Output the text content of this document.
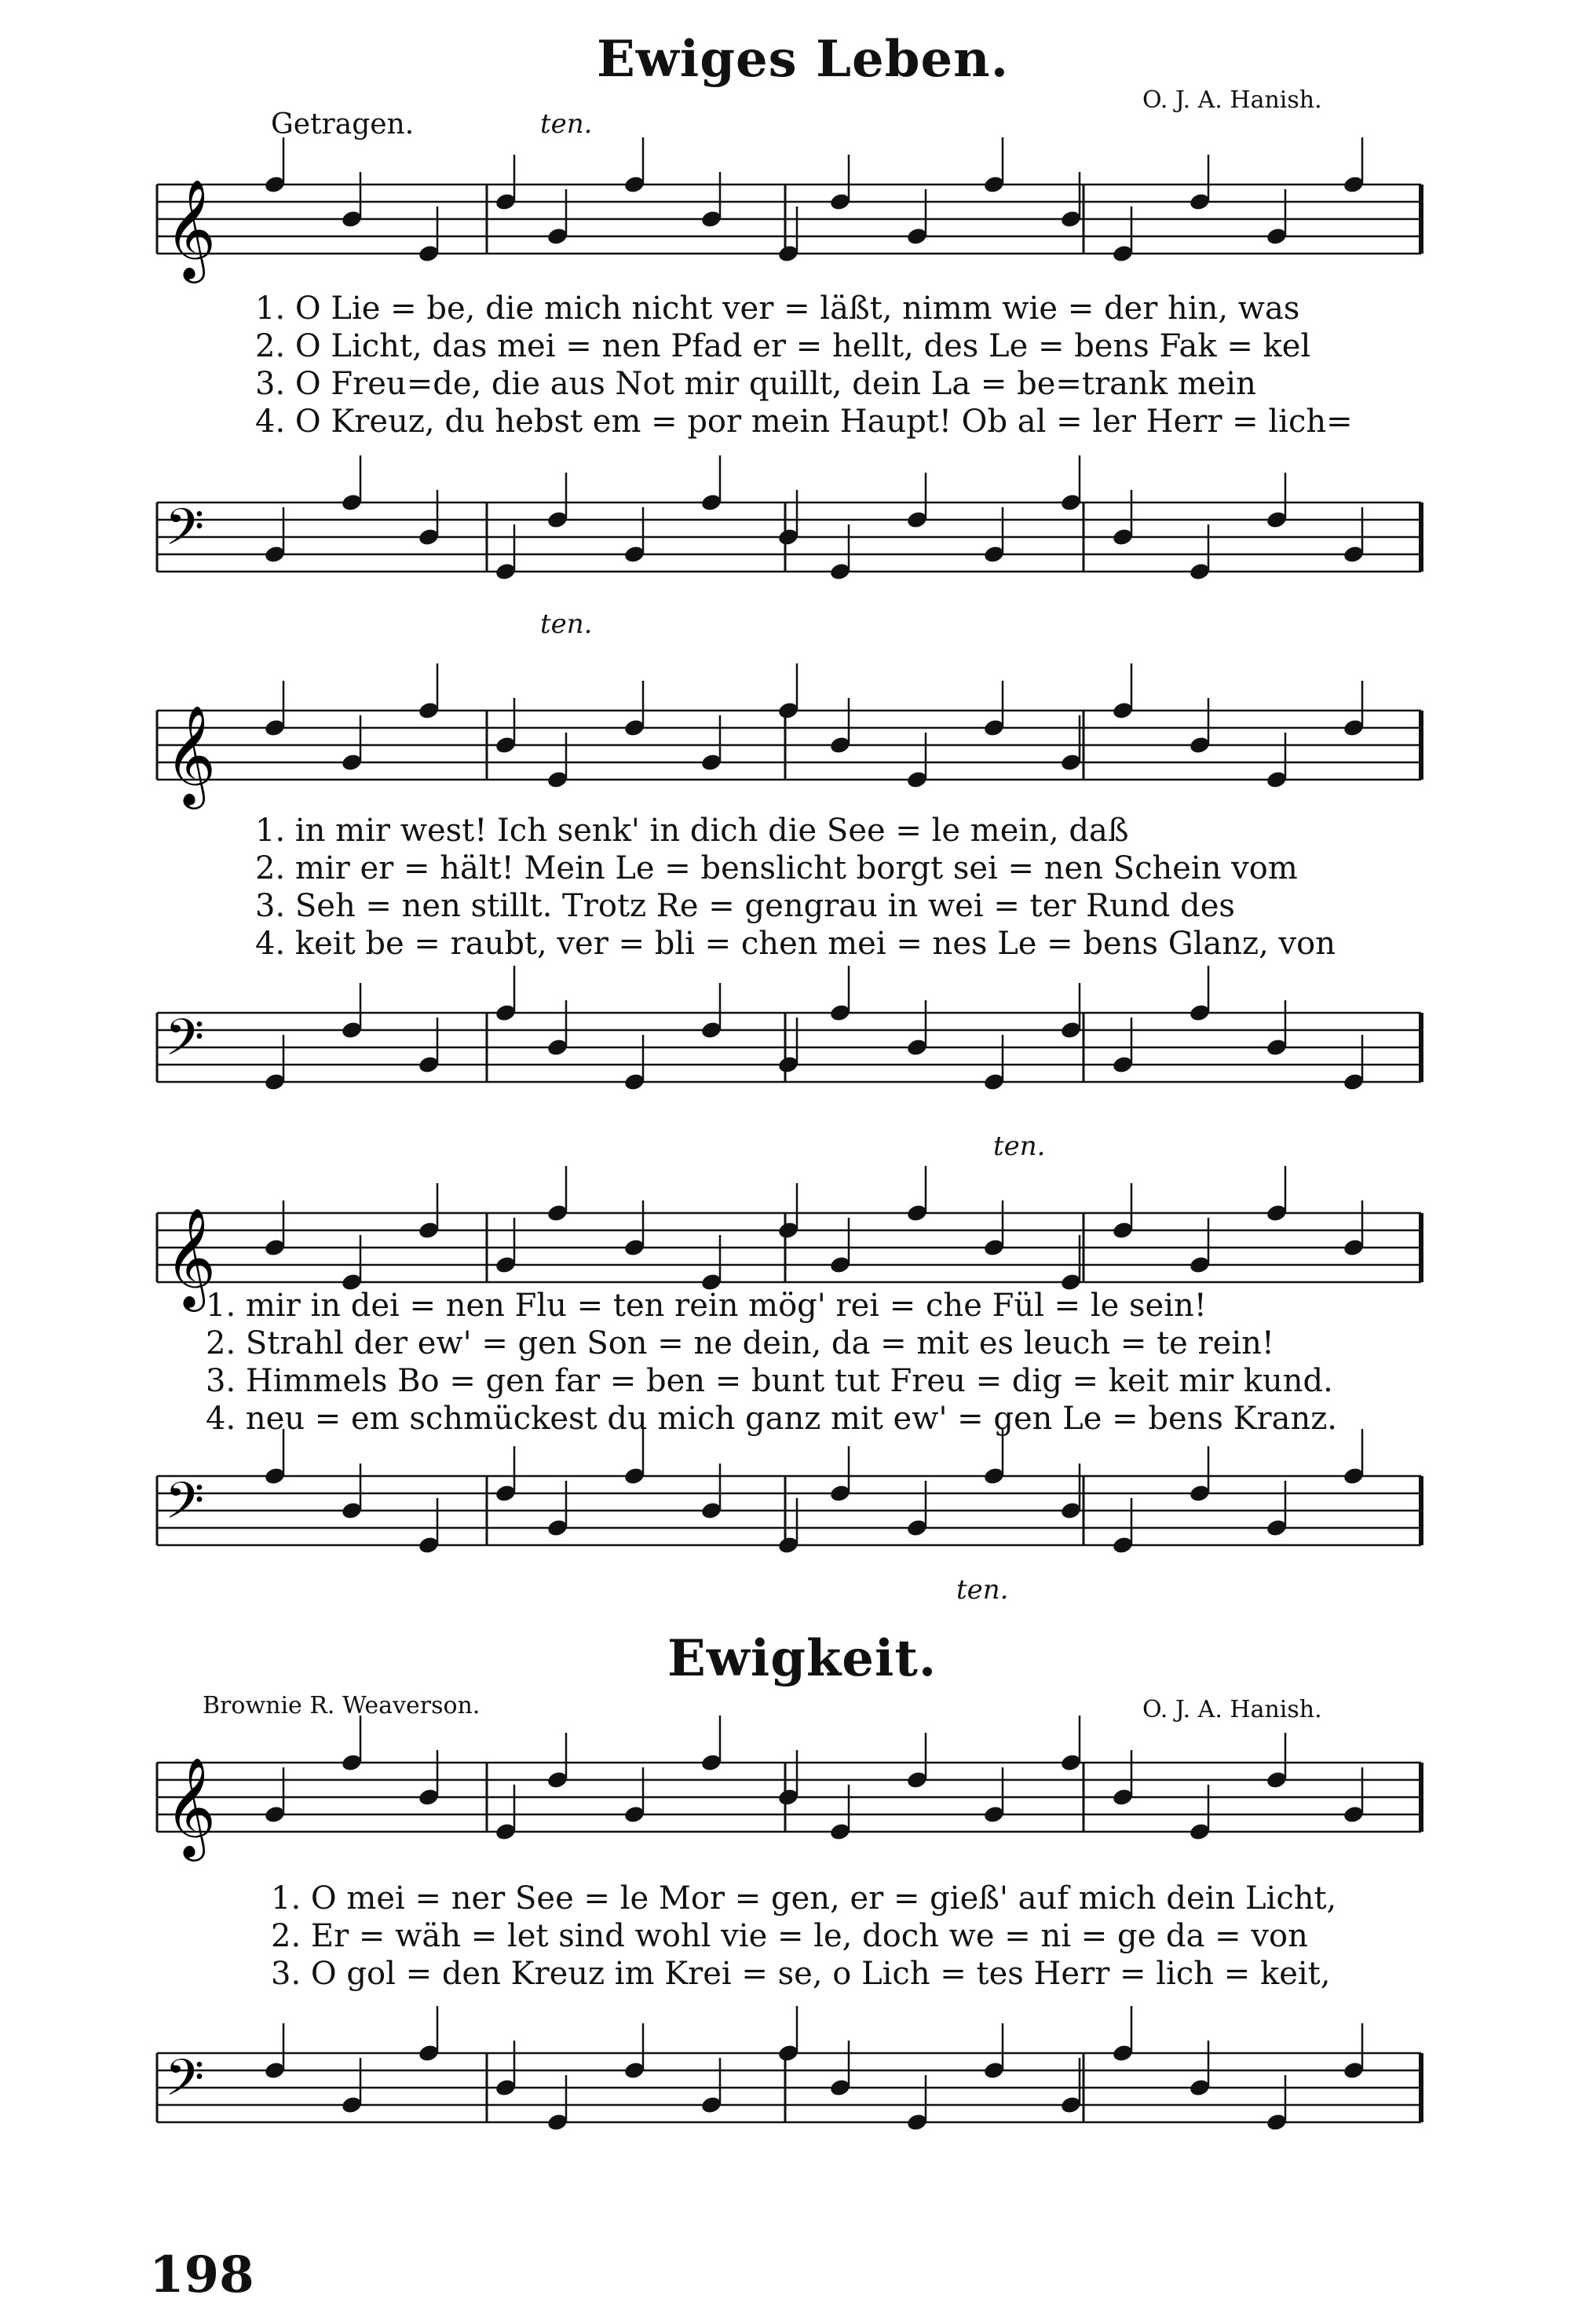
Ewiges Leben.
O. J. A. Hanish.
Getragen.	ten.
𝄞
1. O Lie = be, die mich nicht ver = läßt, nimm wie = der hin, was
2. O Licht, das mei = nen Pfad er = hellt, des Le = bens Fak = kel
3. O Freu=de, die aus Not mir quillt, dein La = be=trank mein
4. O Kreuz, du hebst em = por mein Haupt! Ob al = ler Herr = lich=
𝄢
ten.
𝄞
1. in mir west! Ich senk' in dich die See = le mein, daß
2. mir er = hält! Mein Le = benslicht borgt sei = nen Schein vom
3. Seh = nen stillt. Trotz Re = gengrau in wei = ter Rund des
4. keit be = raubt, ver = bli = chen mei = nes Le = bens Glanz, von
𝄢
ten.
𝄞
1. mir in dei = nen Flu = ten rein mög' rei = che Fül = le sein!
2. Strahl der ew' = gen Son = ne dein, da = mit es leuch = te rein!
3. Himmels Bo = gen far = ben = bunt tut Freu = dig = keit mir kund.
4. neu = em schmückest du mich ganz mit ew' = gen Le = bens Kranz.
𝄢
ten.
Ewigkeit.
Brownie R. Weaverson.	O. J. A. Hanish.
𝄞
1. O mei = ner See = le Mor = gen, er = gieß' auf mich dein Licht,
2. Er = wäh = let sind wohl vie = le, doch we = ni = ge da = von
3. O gol = den Kreuz im Krei = se, o Lich = tes Herr = lich = keit,
𝄢
198
